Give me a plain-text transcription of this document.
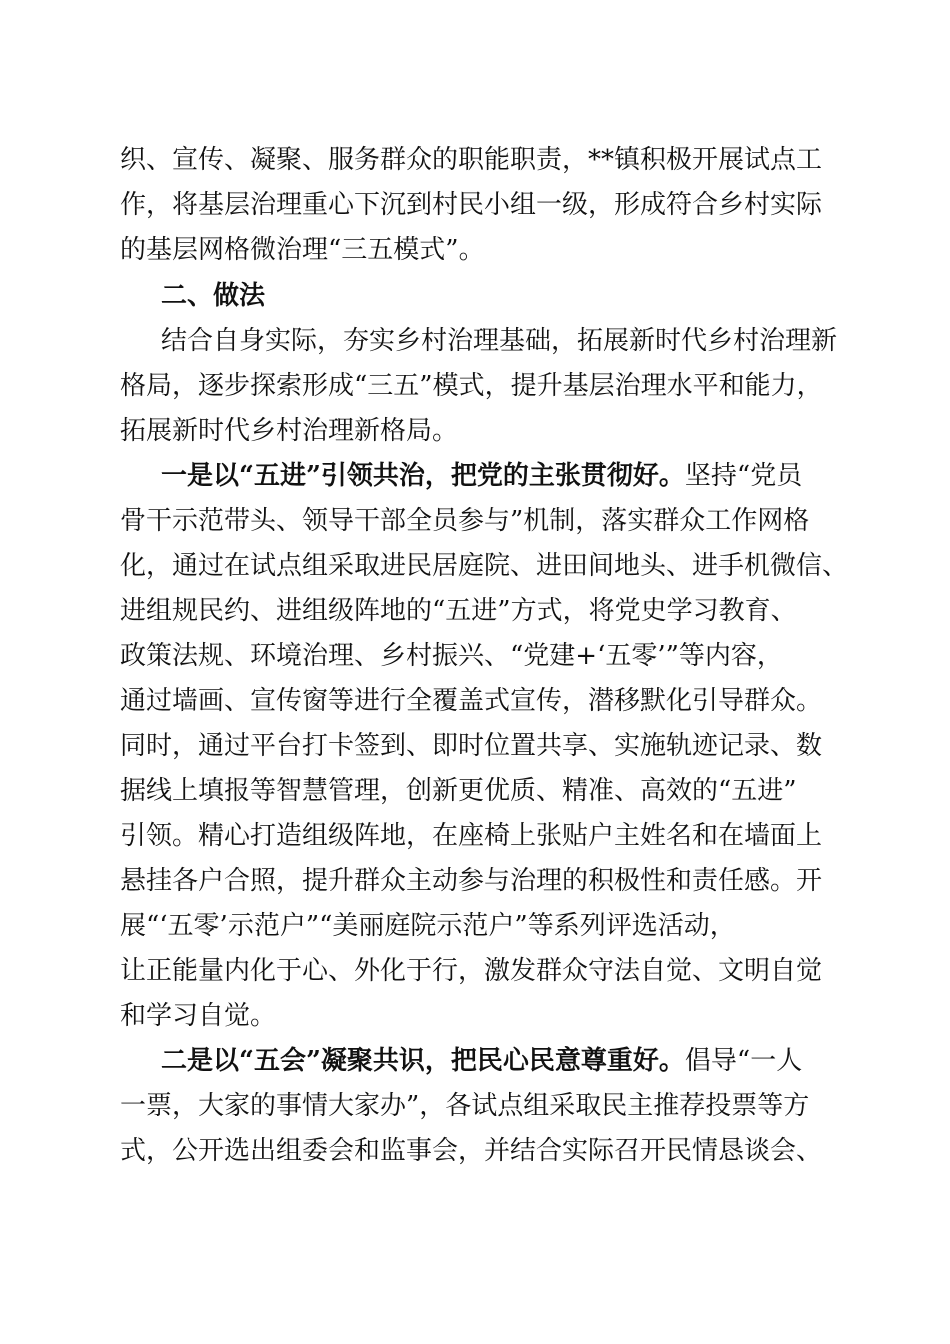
织、宣传、凝聚、服务群众的职能职责，**镇积极开展试点工
作，将基层治理重心下沉到村民小组一级，形成符合乡村实际
的基层网格微治理“三五模式”。
二、做法
结合自身实际，夯实乡村治理基础，拓展新时代乡村治理新
格局，逐步探索形成“三五”模式，提升基层治理水平和能力，
拓展新时代乡村治理新格局。
一是以“五进”引领共治，把党的主张贯彻好。坚持“党员
骨干示范带头、领导干部全员参与”机制，落实群众工作网格
化，通过在试点组采取进民居庭院、进田间地头、进手机微信、
进组规民约、进组级阵地的“五进”方式，将党史学习教育、
政策法规、环境治理、乡村振兴、“党建+‘五零’”等内容，
通过墙画、宣传窗等进行全覆盖式宣传，潜移默化引导群众。
同时，通过平台打卡签到、即时位置共享、实施轨迹记录、数
据线上填报等智慧管理，创新更优质、精准、高效的“五进”
引领。精心打造组级阵地，在座椅上张贴户主姓名和在墙面上
悬挂各户合照，提升群众主动参与治理的积极性和责任感。开
展“‘五零’示范户”“美丽庭院示范户”等系列评选活动，
让正能量内化于心、外化于行，激发群众守法自觉、文明自觉
和学习自觉。
二是以“五会”凝聚共识，把民心民意尊重好。倡导“一人
一票，大家的事情大家办”，各试点组采取民主推荐投票等方
式，公开选出组委会和监事会，并结合实际召开民情恳谈会、
